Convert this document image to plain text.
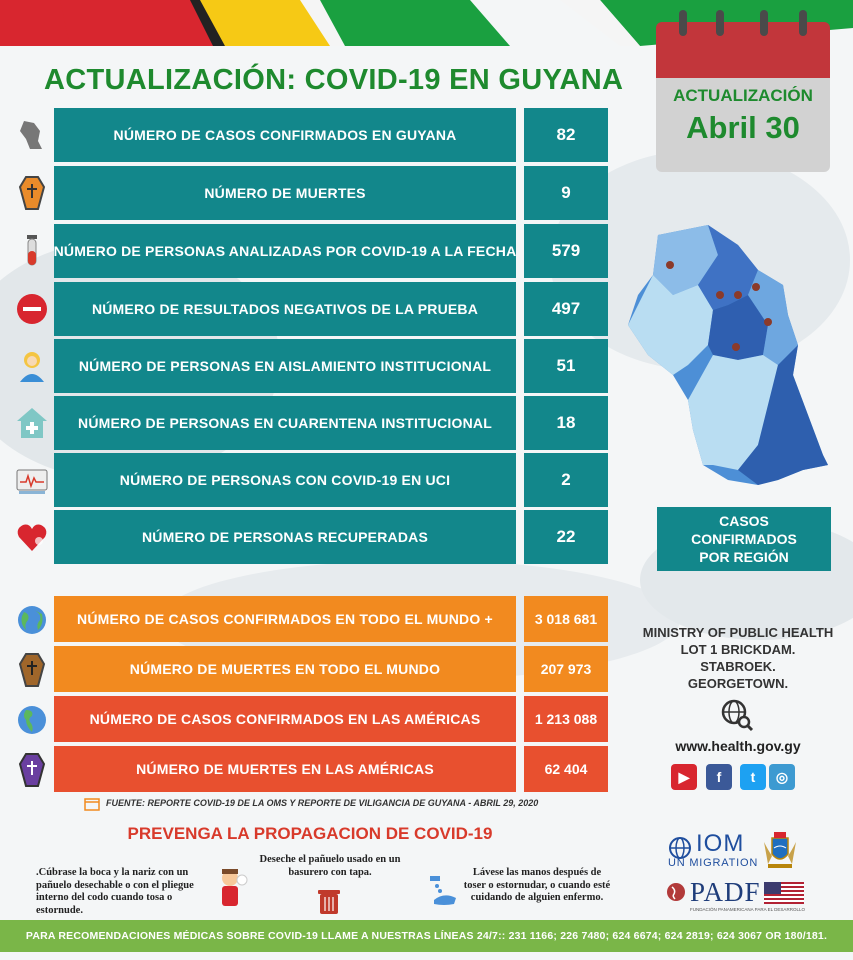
ACTUALIZACIÓN: COVID-19 EN GUYANA	ACTUALIZACIÓN
Abril 30
NÚMERO DE CASOS CONFIRMADOS EN GUYANA	82
NÚMERO DE MUERTES	9
NÚMERO DE PERSONAS ANALIZADAS POR COVID-19 A LA FECHA	579
NÚMERO DE RESULTADOS NEGATIVOS DE LA PRUEBA	497
NÚMERO DE PERSONAS EN AISLAMIENTO INSTITUCIONAL	51
NÚMERO DE PERSONAS EN CUARENTENA INSTITUCIONAL	18
NÚMERO DE PERSONAS CON COVID-19 EN UCI	2
NÚMERO DE PERSONAS RECUPERADAS	22
NÚMERO DE CASOS CONFIRMADOS EN TODO EL MUNDO +	3 018 681
NÚMERO DE MUERTES EN TODO EL MUNDO	207 973
NÚMERO DE CASOS CONFIRMADOS EN LAS AMÉRICAS	1 213 088
NÚMERO DE MUERTES EN LAS AMÉRICAS	62 404
CASOS
CONFIRMADOS
POR REGIÓN
MINISTRY OF PUBLIC HEALTH
LOT 1 BRICKDAM.
STABROEK.
GEORGETOWN.
www.health.gov.gy
▶	f	t	◎
FUENTE: REPORTE COVID-19 DE LA OMS Y REPORTE DE VILIGANCIA DE GUYANA - ABRIL 29, 2020
PREVENGA LA PROPAGACION DE COVID-19
.Cúbrase la boca y la nariz con un pañuelo desechable o con el pliegue interno del codo cuando tosa o estornude.
Deseche el pañuelo usado en un basurero con tapa.	Lávese las manos después de toser o estornudar, o cuando esté cuidando de alguien enfermo.
IOM
UN MIGRATION
PADF
FUNDACIÓN PANAMERICANA PARA EL DESARROLLO
PARA RECOMENDACIONES MÉDICAS SOBRE COVID-19 LLAME A NUESTRAS LÍNEAS 24/7:: 231 1166; 226 7480; 624 6674; 624 2819; 624 3067 OR 180/181.
